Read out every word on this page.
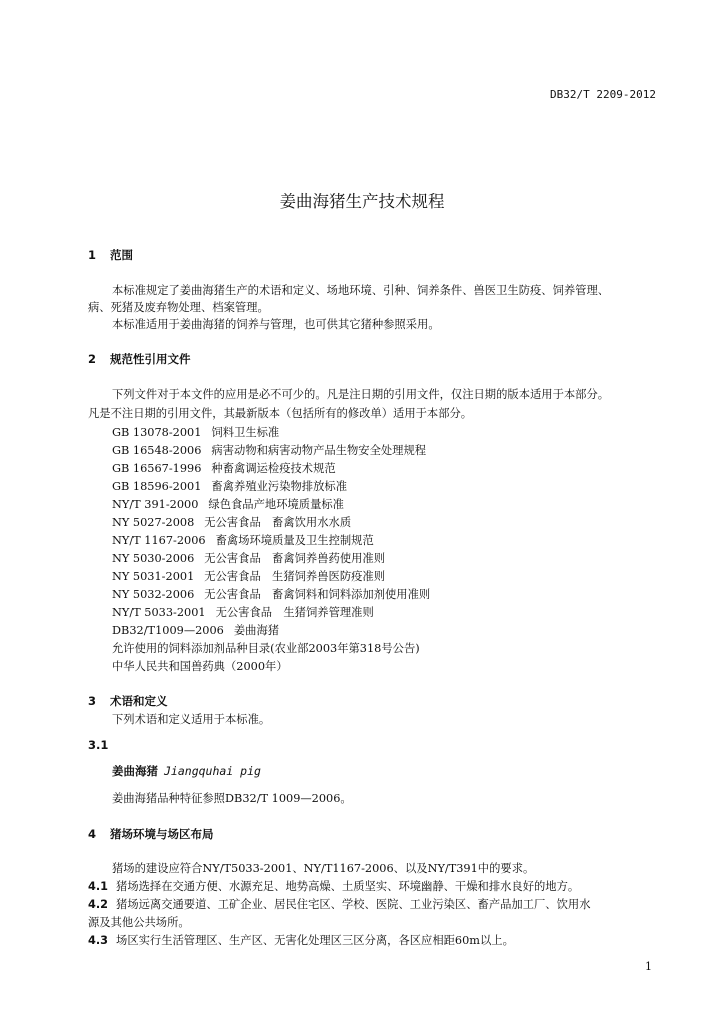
DB32/T 2209-2012
姜曲海猪生产技术规程
1 范围
本标准规定了姜曲海猪生产的术语和定义、场地环境、引种、饲养条件、兽医卫生防疫、饲养管理、
病、死猪及废弃物处理、档案管理。
本标准适用于姜曲海猪的饲养与管理，也可供其它猪种参照采用。
2 规范性引用文件
下列文件对于本文件的应用是必不可少的。凡是注日期的引用文件，仅注日期的版本适用于本部分。
凡是不注日期的引用文件，其最新版本（包括所有的修改单）适用于本部分。
GB 13078-2001 饲料卫生标准
GB 16548-2006 病害动物和病害动物产品生物安全处理规程
GB 16567-1996 种畜禽调运检疫技术规范
GB 18596-2001 畜禽养殖业污染物排放标准
NY/T 391-2000 绿色食品产地环境质量标准
NY 5027-2008 无公害食品　畜禽饮用水水质
NY/T 1167-2006 畜禽场环境质量及卫生控制规范
NY 5030-2006 无公害食品　畜禽饲养兽药使用准则
NY 5031-2001 无公害食品　生猪饲养兽医防疫准则
NY 5032-2006 无公害食品　畜禽饲料和饲料添加剂使用准则
NY/T 5033-2001 无公害食品　生猪饲养管理准则
DB32/T1009—2006 姜曲海猪
允许使用的饲料添加剂品种目录(农业部2003年第318号公告)
中华人民共和国兽药典（2000年）
3 术语和定义
下列术语和定义适用于本标准。
3.1
姜曲海猪 Jiangquhai pig
姜曲海猪品种特征参照DB32/T 1009—2006。
4 猪场环境与场区布局
猪场的建设应符合NY/T5033-2001、NY/T1167-2006、以及NY/T391中的要求。
4.1 猪场选择在交通方便、水源充足、地势高燥、土质坚实、环境幽静、干燥和排水良好的地方。
4.2 猪场远离交通要道、工矿企业、居民住宅区、学校、医院、工业污染区、畜产品加工厂、饮用水
源及其他公共场所。
4.3 场区实行生活管理区、生产区、无害化处理区三区分离，各区应相距60m以上。
1
